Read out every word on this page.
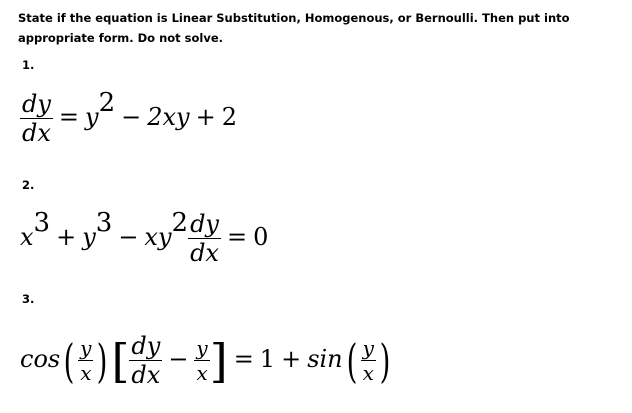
State if the equation is Linear Substitution, Homogenous, or Bernoulli. Then put into appropriate form. Do not solve.
1.
$\frac{dy}{dx} = y2 - 2xy + 2$
2.
$x3 + y3 - xy2 \frac{dy}{dx} = 0$
3.
$\cos( \frac{y}{x}$ )[ $\frac{dy}{dx} - \frac{y}{x}$ ] = $1 + \sin( \frac{y}{x}$ )
